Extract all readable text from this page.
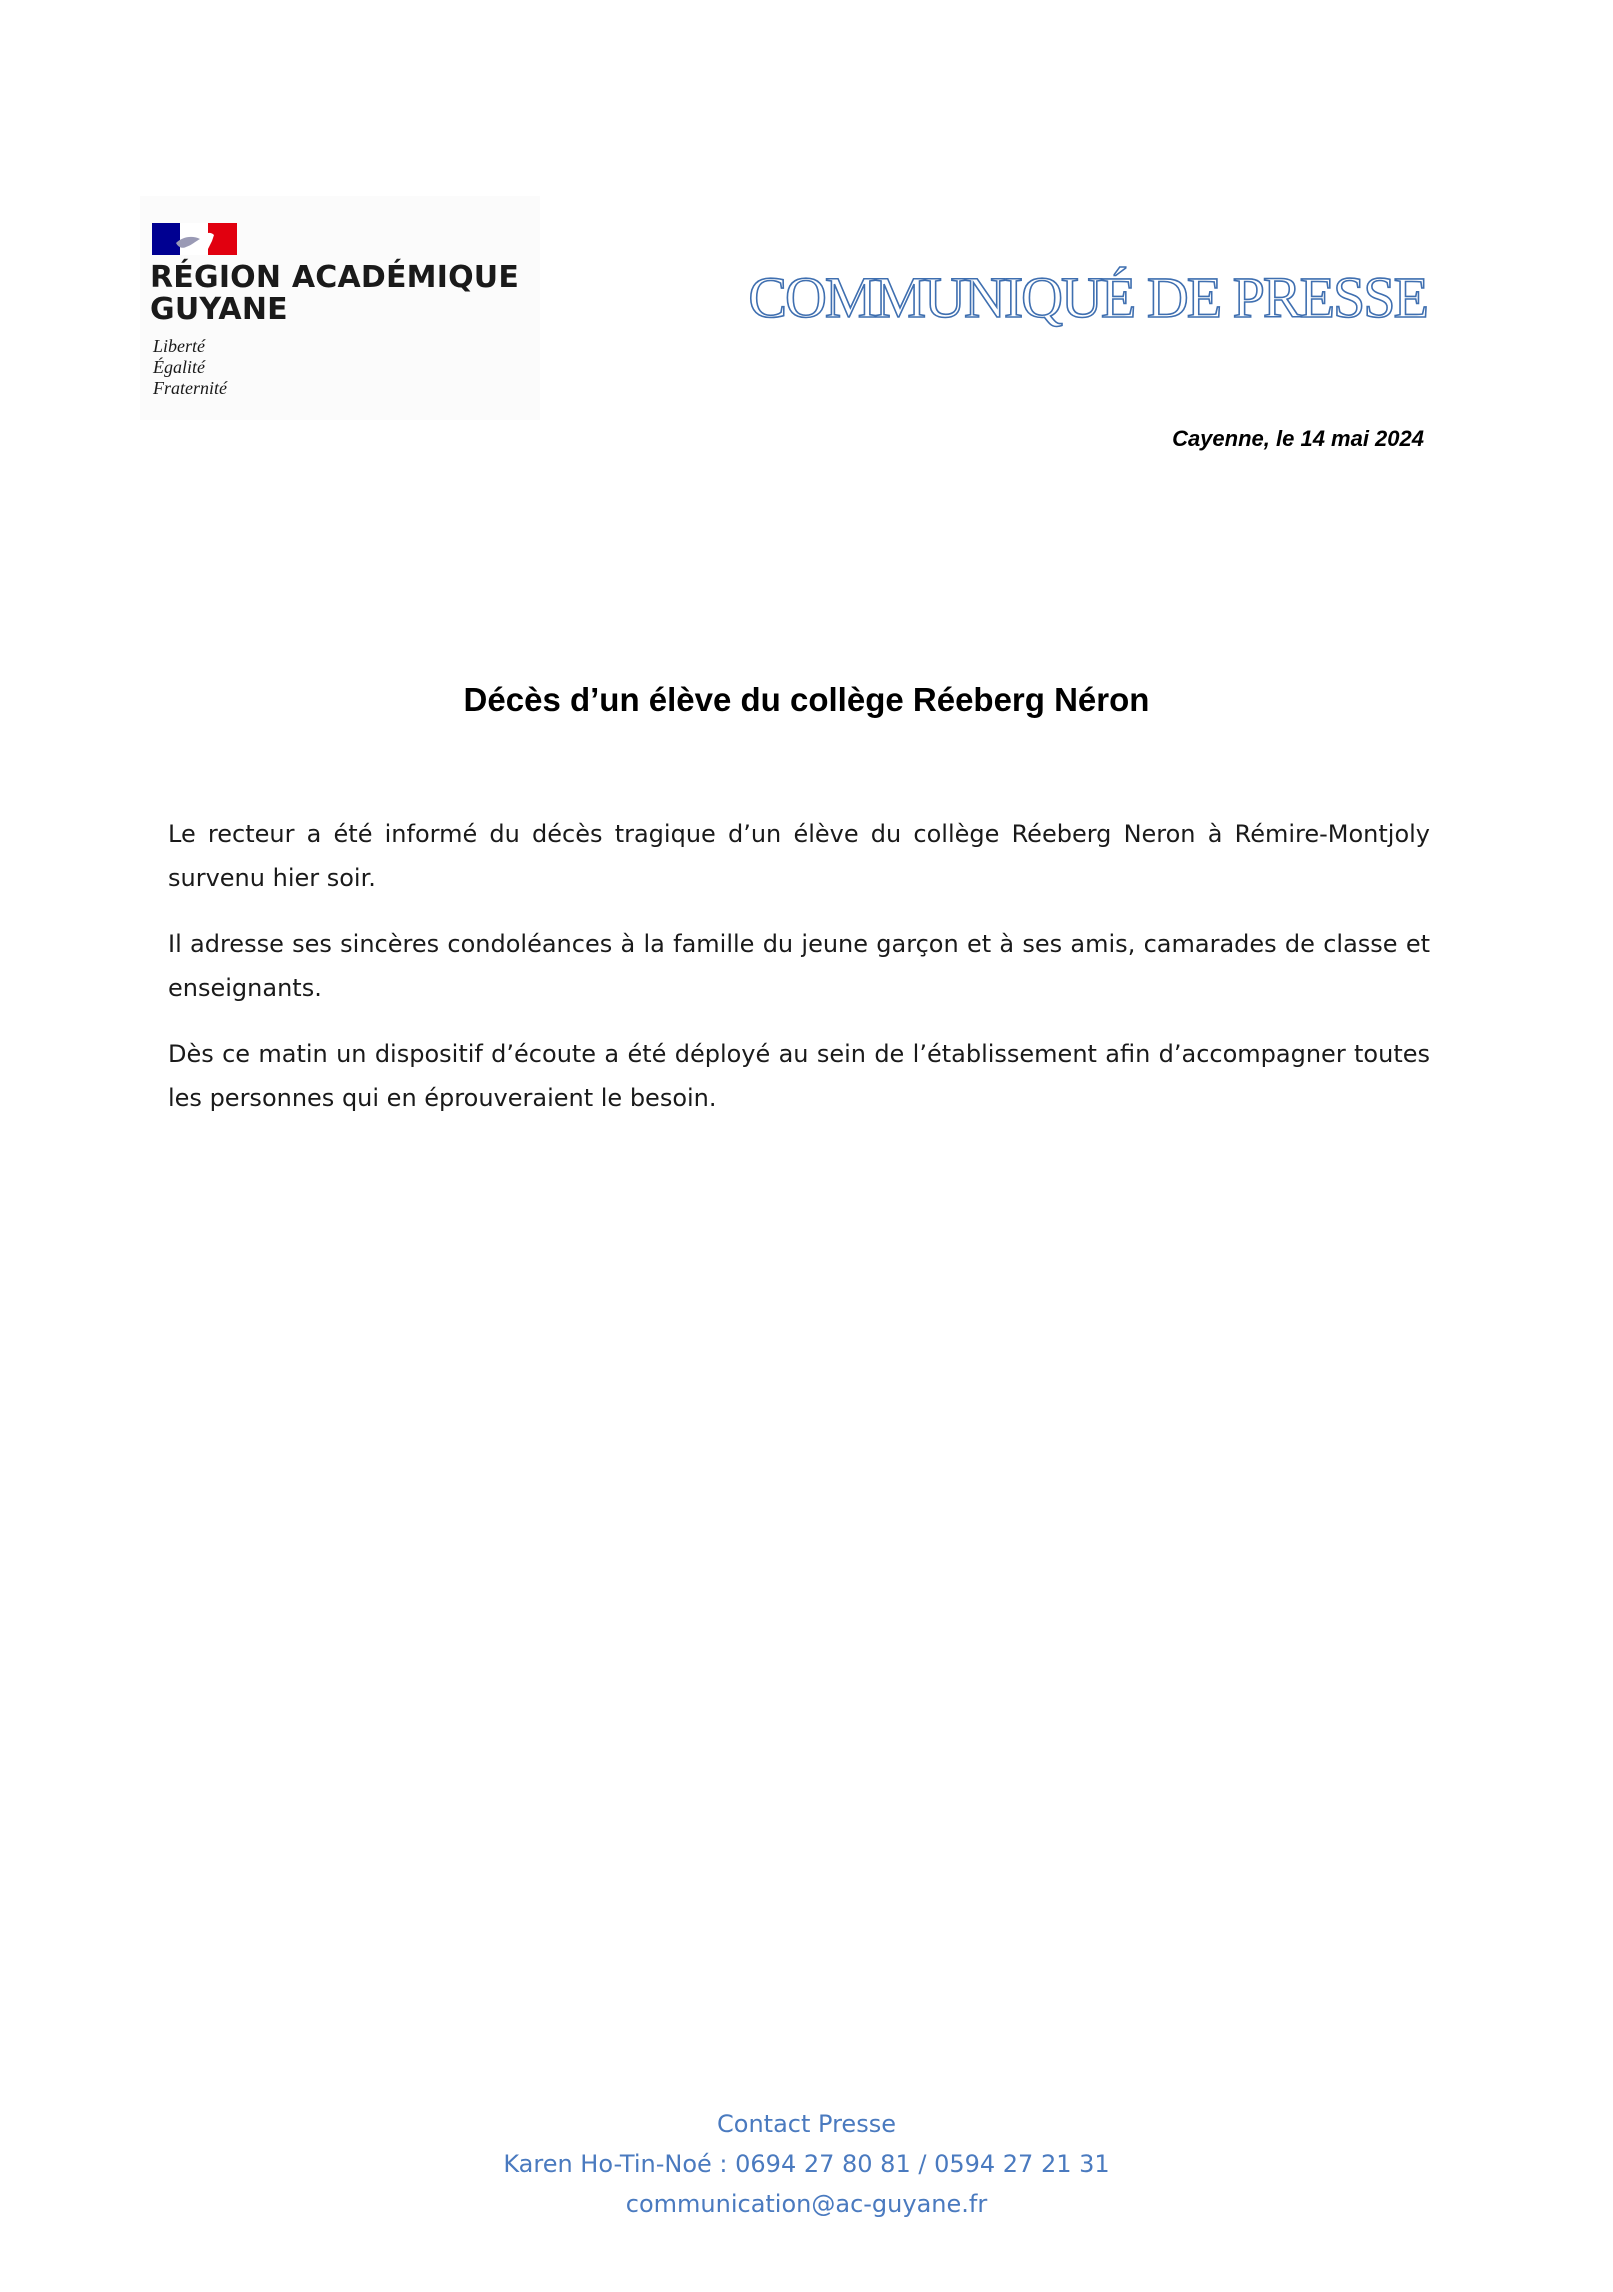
RÉGION ACADÉMIQUE
GUYANE
Liberté
Égalité
Fraternité
COMMUNIQUÉ DE PRESSE
Cayenne, le 14 mai 2024
Décès d’un élève du collège Réeberg Néron

Le recteur a été informé du décès tragique d’un élève du collège Réeberg Neron à Rémire-Montjoly survenu hier soir.

Il adresse ses sincères condoléances à la famille du jeune garçon et à ses amis, camarades de classe et enseignants.

Dès ce matin un dispositif d’écoute a été déployé au sein de l’établissement afin d’accompagner toutes les personnes qui en éprouveraient le besoin.

Contact Presse
Karen Ho-Tin-Noé : 0694 27 80 81 / 0594 27 21 31
communication@ac-guyane.fr
